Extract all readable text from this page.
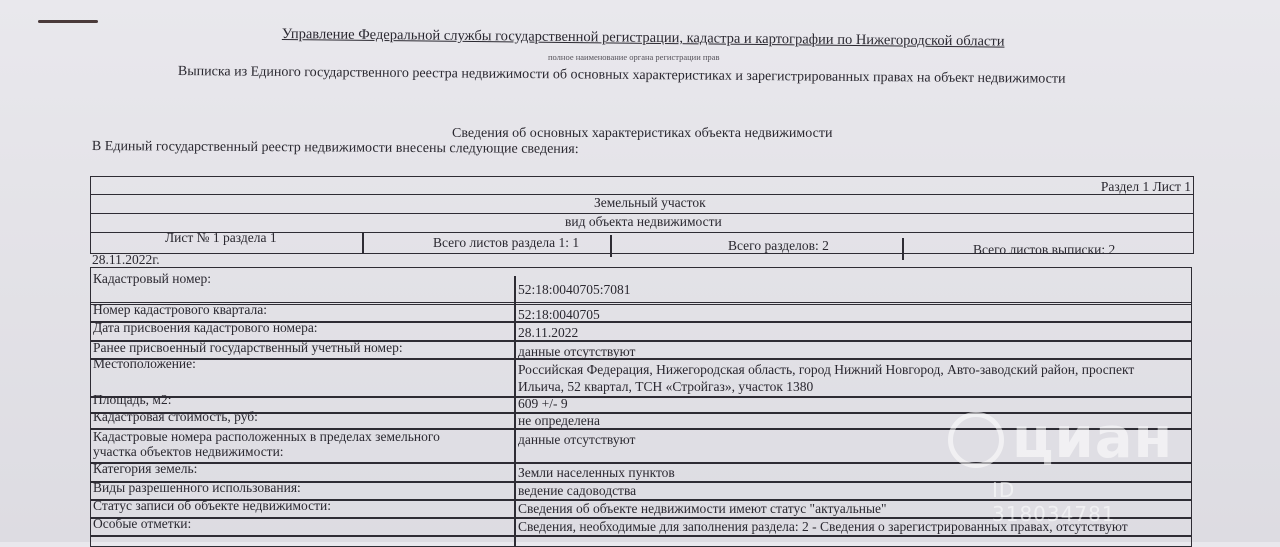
Управление Федеральной службы государственной регистрации, кадастра и картографии по Нижегородской области
полное наименование органа регистрации прав
Выписка из Единого государственного реестра недвижимости об основных характеристиках и зарегистрированных правах на объект недвижимости
Сведения об основных характеристиках объекта недвижимости
В Единый государственный реестр недвижимости внесены следующие сведения:
Раздел 1 Лист 1
Земельный участок
вид объекта недвижимости
Лист № 1 раздела 1	Всего листов раздела 1: 1	Всего разделов: 2	Всего листов выписки: 2
28.11.2022г.
Кадастровый номер:
52:18:0040705:7081
Номер кадастрового квартала:	52:18:0040705
Дата присвоения кадастрового номера:	28.11.2022
Ранее присвоенный государственный учетный номер:	данные отсутствуют
Местоположение:	Российская Федерация, Нижегородская область, город Нижний Новгород, Авто-заводский район, проспект
Ильича, 52 квартал, ТСН «Стройгаз», участок 1380
Площадь, м2:	609 +/- 9
Кадастровая стоимость, руб:	не определена
Кадастровые номера расположенных в пределах земельного
участка объектов недвижимости:
данные отсутствуют
Категория земель:	Земли населенных пунктов
Виды разрешенного использования:	ведение садоводства
Статус записи об объекте недвижимости:	Сведения об объекте недвижимости имеют статус "актуальные"
Особые отметки:	Сведения, необходимые для заполнения раздела: 2 - Сведения о зарегистрированных правах, отсутствуют
циан
ID 318034781
